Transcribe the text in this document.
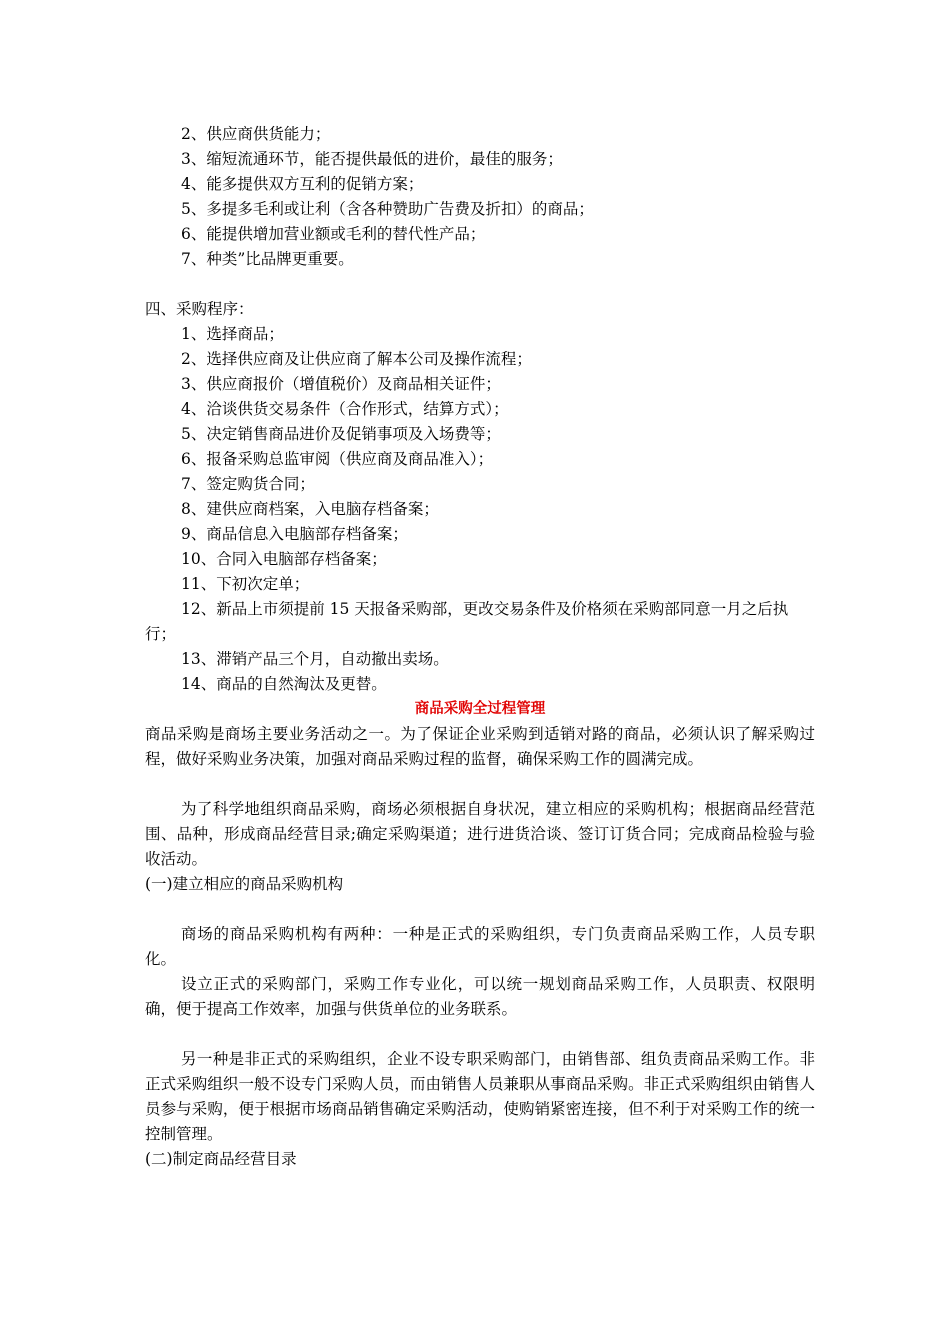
2、供应商供货能力；
3、缩短流通环节，能否提供最低的进价，最佳的服务；
4、能多提供双方互利的促销方案；
5、多提多毛利或让利（含各种赞助广告费及折扣）的商品；
6、能提供增加营业额或毛利的替代性产品；
7、种类”比品牌更重要。
四、采购程序：
1、选择商品；
2、选择供应商及让供应商了解本公司及操作流程；
3、供应商报价（增值税价）及商品相关证件；
4、洽谈供货交易条件（合作形式，结算方式）；
5、决定销售商品进价及促销事项及入场费等；
6、报备采购总监审阅（供应商及商品准入）；
7、签定购货合同；
8、建供应商档案，入电脑存档备案；
9、商品信息入电脑部存档备案；
10、合同入电脑部存档备案；
11、下初次定单；
12、新品上市须提前 15 天报备采购部，更改交易条件及价格须在采购部同意一月之后执行；
13、滞销产品三个月，自动撤出卖场。
14、商品的自然淘汰及更替。
商品采购全过程管理
商品采购是商场主要业务活动之一。为了保证企业采购到适销对路的商品，必须认识了解采购过程，做好采购业务决策，加强对商品采购过程的监督，确保采购工作的圆满完成。
为了科学地组织商品采购，商场必须根据自身状况，建立相应的采购机构；根据商品经营范围、品种，形成商品经营目录;确定采购渠道；进行进货洽谈、签订订货合同；完成商品检验与验收活动。
(一)建立相应的商品采购机构
商场的商品采购机构有两种：一种是正式的采购组织，专门负责商品采购工作，人员专职化。
设立正式的采购部门，采购工作专业化，可以统一规划商品采购工作，人员职责、权限明确，便于提高工作效率，加强与供货单位的业务联系。
另一种是非正式的采购组织，企业不设专职采购部门，由销售部、组负责商品采购工作。非正式采购组织一般不设专门采购人员，而由销售人员兼职从事商品采购。非正式采购组织由销售人员参与采购，便于根据市场商品销售确定采购活动，使购销紧密连接，但不利于对采购工作的统一控制管理。
(二)制定商品经营目录
